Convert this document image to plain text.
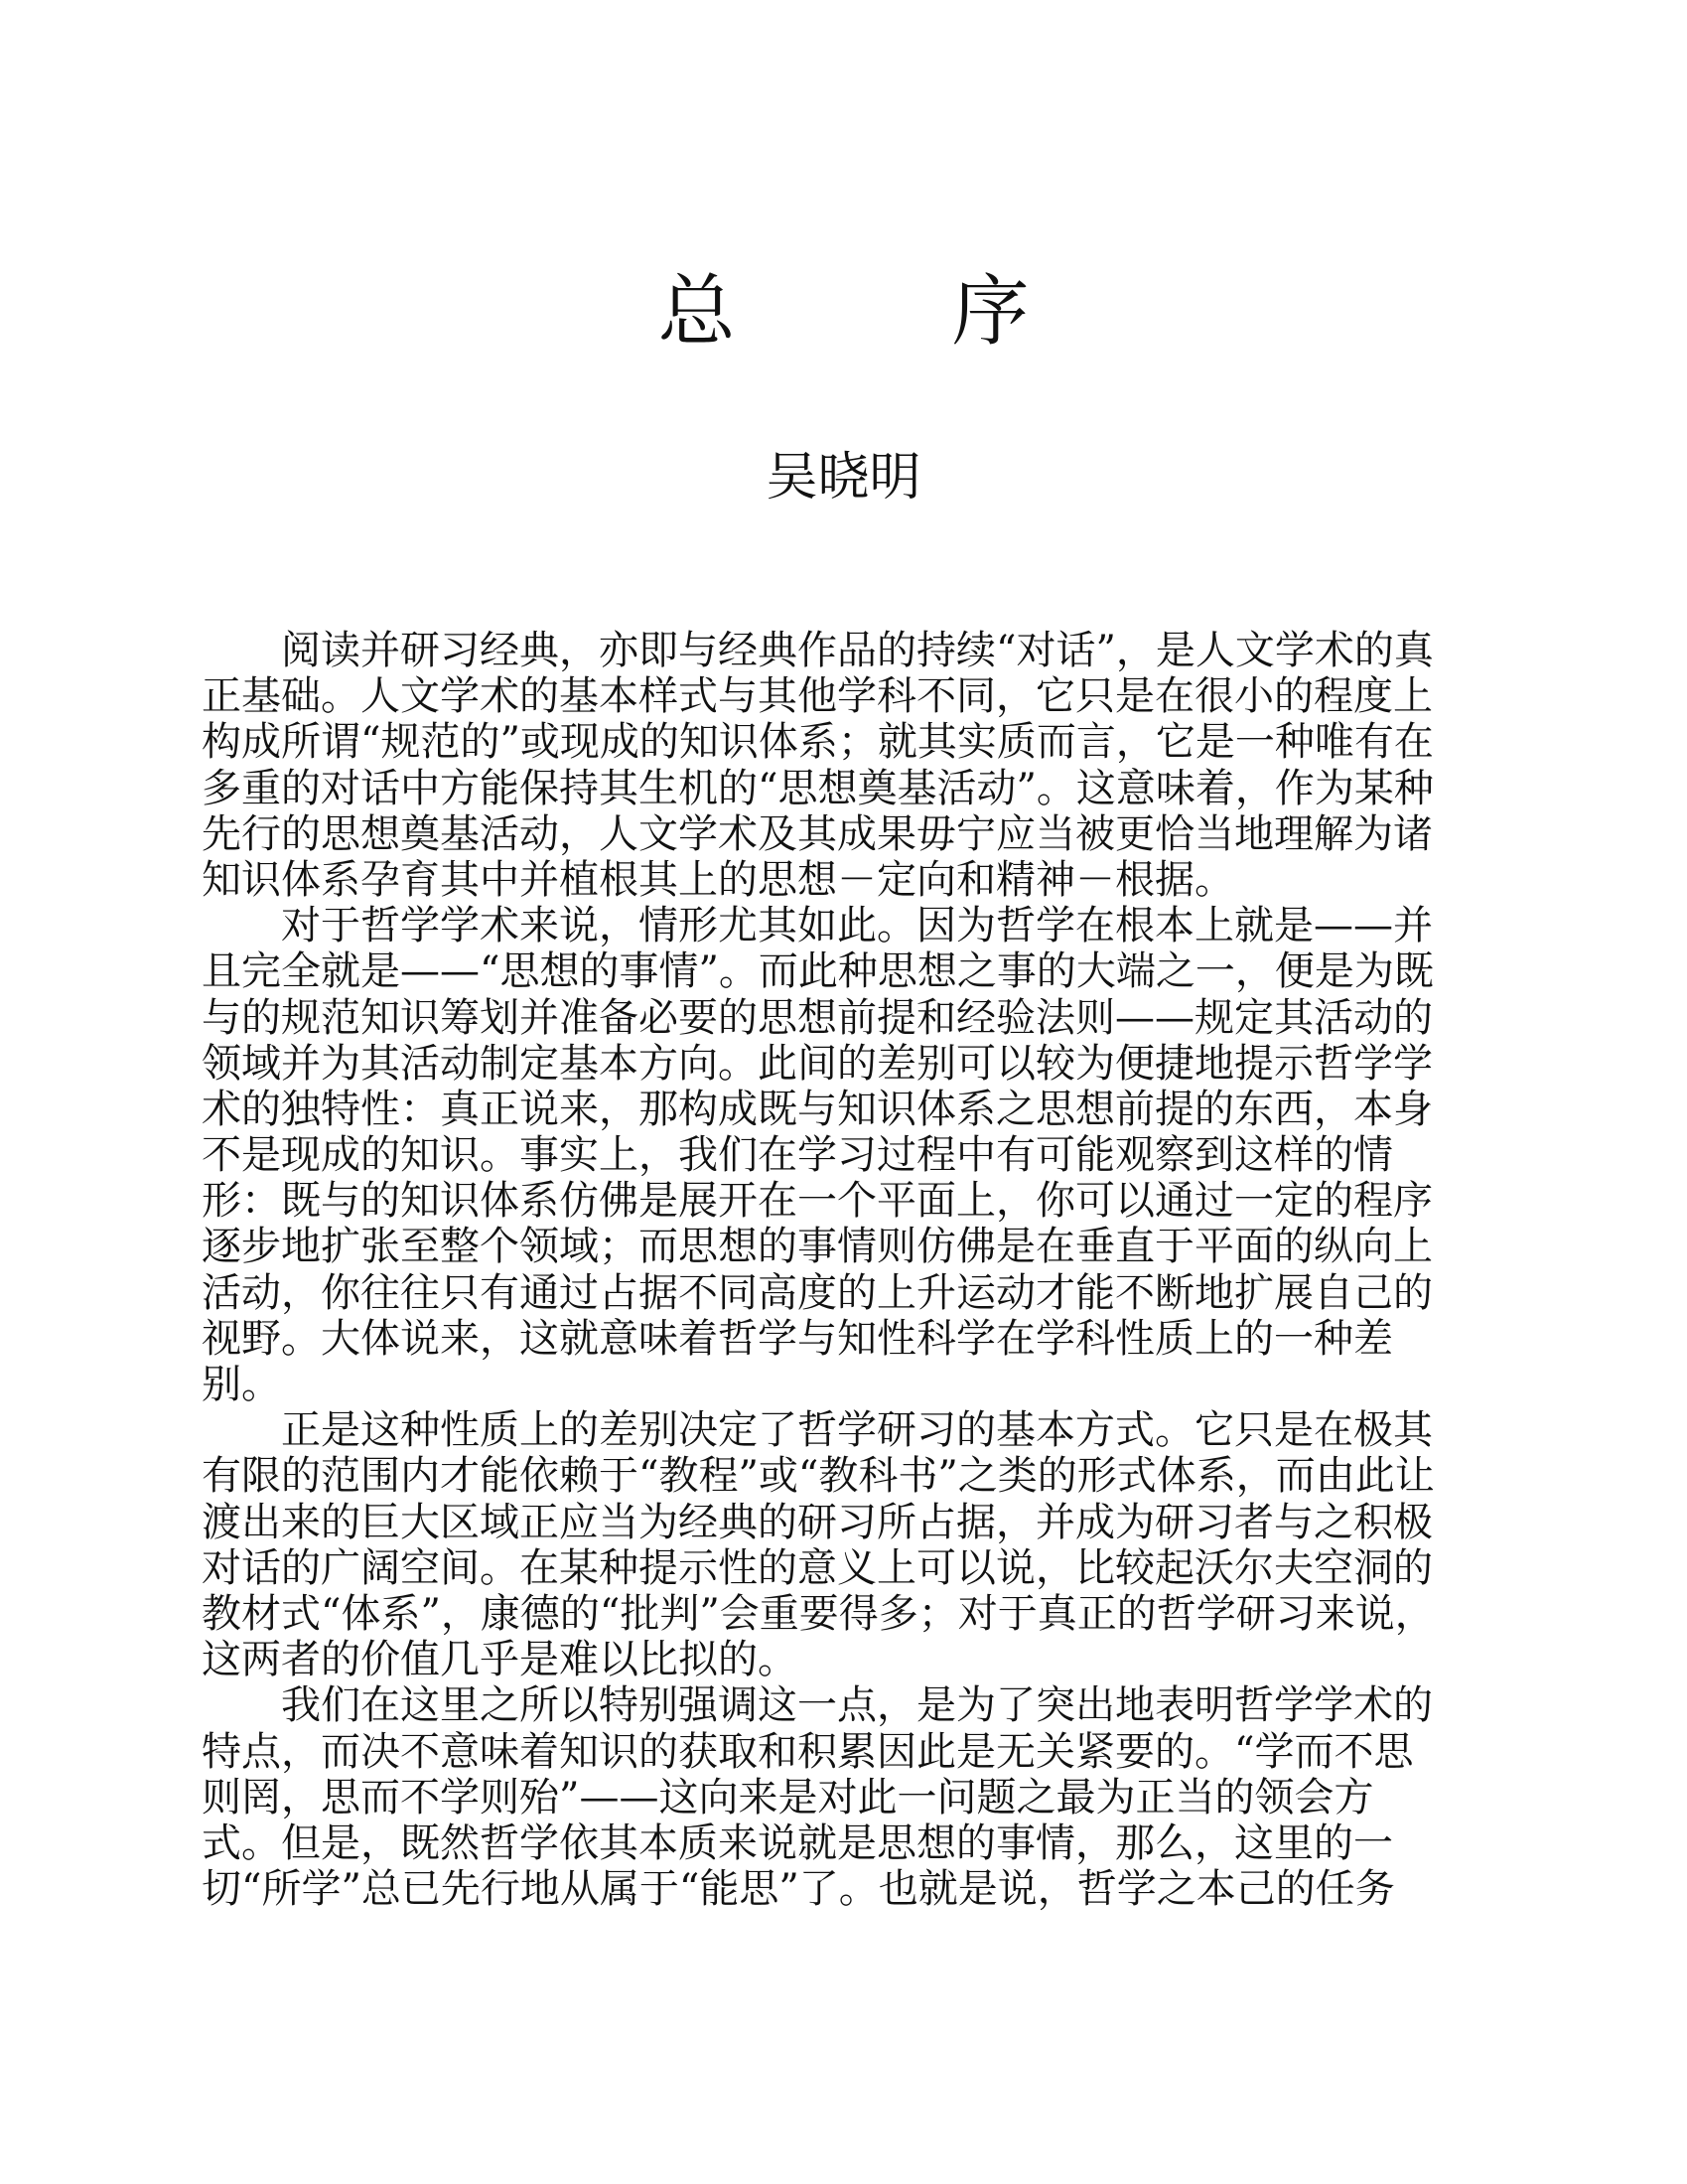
总　序
吴晓明
阅读并研习经典，亦即与经典作品的持续“对话”，是人文学术的真
正基础。人文学术的基本样式与其他学科不同，它只是在很小的程度上
构成所谓“规范的”或现成的知识体系；就其实质而言，它是一种唯有在
多重的对话中方能保持其生机的“思想奠基活动”。这意味着，作为某种
先行的思想奠基活动，人文学术及其成果毋宁应当被更恰当地理解为诸
知识体系孕育其中并植根其上的思想－定向和精神－根据。
对于哲学学术来说，情形尤其如此。因为哲学在根本上就是——并
且完全就是——“思想的事情”。而此种思想之事的大端之一，便是为既
与的规范知识筹划并准备必要的思想前提和经验法则——规定其活动的
领域并为其活动制定基本方向。此间的差别可以较为便捷地提示哲学学
术的独特性：真正说来，那构成既与知识体系之思想前提的东西，本身
不是现成的知识。事实上，我们在学习过程中有可能观察到这样的情
形：既与的知识体系仿佛是展开在一个平面上，你可以通过一定的程序
逐步地扩张至整个领域；而思想的事情则仿佛是在垂直于平面的纵向上
活动，你往往只有通过占据不同高度的上升运动才能不断地扩展自己的
视野。大体说来，这就意味着哲学与知性科学在学科性质上的一种差
别。
正是这种性质上的差别决定了哲学研习的基本方式。它只是在极其
有限的范围内才能依赖于“教程”或“教科书”之类的形式体系，而由此让
渡出来的巨大区域正应当为经典的研习所占据，并成为研习者与之积极
对话的广阔空间。在某种提示性的意义上可以说，比较起沃尔夫空洞的
教材式“体系”，康德的“批判”会重要得多；对于真正的哲学研习来说，
这两者的价值几乎是难以比拟的。
我们在这里之所以特别强调这一点，是为了突出地表明哲学学术的
特点，而决不意味着知识的获取和积累因此是无关紧要的。“学而不思
则罔，思而不学则殆”——这向来是对此一问题之最为正当的领会方
式。但是，既然哲学依其本质来说就是思想的事情，那么，这里的一
切“所学”总已先行地从属于“能思”了。也就是说，哲学之本己的任务
